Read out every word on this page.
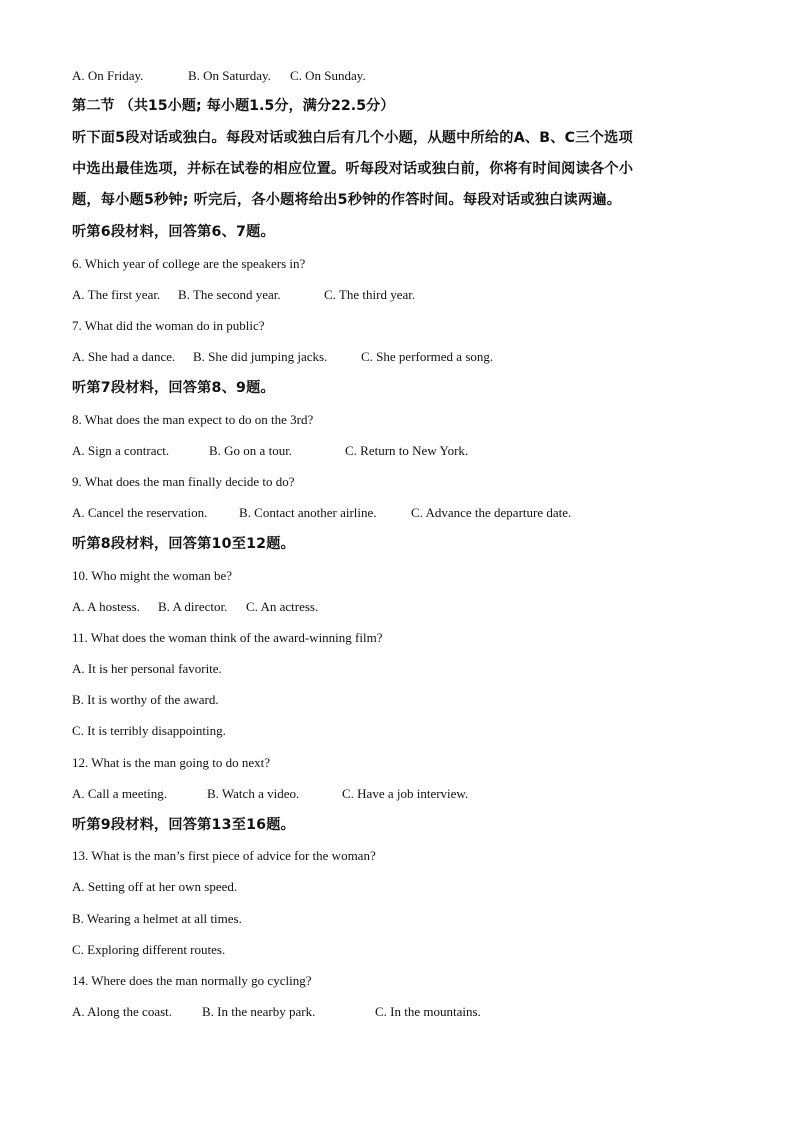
A. On Friday.	B. On Saturday. C. On Sunday.
第二节 （共15小题; 每小题1.5分，满分22.5分）
听下面5段对话或独白。每段对话或独白后有几个小题，从题中所给的A、B、C三个选项
中选出最佳选项，并标在试卷的相应位置。听每段对话或独白前，你将有时间阅读各个小
题，每小题5秒钟; 听完后，各小题将给出5秒钟的作答时间。每段对话或独白读两遍。
听第6段材料，回答第6、7题。
6. Which year of college are the speakers in?
A. The first year. B. The second year.	C. The third year.
7. What did the woman do in public?
A. She had a dance. B. She did jumping jacks.	C. She performed a song.
听第7段材料，回答第8、9题。
8. What does the man expect to do on the 3rd?
A. Sign a contract.	B. Go on a tour.	C. Return to New York.
9. What does the man finally decide to do?
A. Cancel the reservation. B. Contact another airline.	C. Advance the departure date.
听第8段材料，回答第10至12题。
10. Who might the woman be?
A. A hostess. B. A director. C. An actress.
11. What does the woman think of the award-winning film?
A. It is her personal favorite.
B. It is worthy of the award.
C. It is terribly disappointing.
12. What is the man going to do next?
A. Call a meeting.	B. Watch a video.	C. Have a job interview.
听第9段材料，回答第13至16题。
13. What is the man’s first piece of advice for the woman?
A. Setting off at her own speed.
B. Wearing a helmet at all times.
C. Exploring different routes.
14. Where does the man normally go cycling?
A. Along the coast. B. In the nearby park.	C. In the mountains.
